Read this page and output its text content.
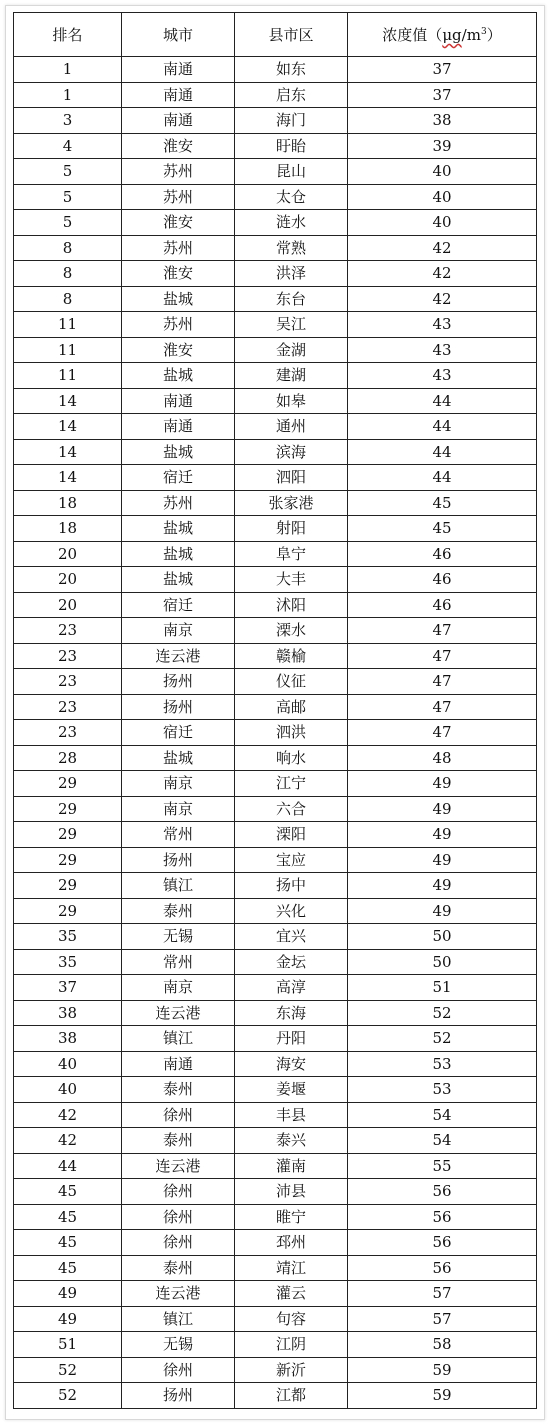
排名	城市	县市区	浓度值$(\mu g/m^3)$
1	南通	如东	37
1	南通	启东	37
3	南通	海门	38
4	淮安	盱眙	39
5	苏州	昆山	40
5	苏州	太仓	40
5	淮安	涟水	40
8	苏州	常熟	42
8	淮安	洪泽	42
8	盐城	东台	42
11	苏州	吴江	43
11	淮安	金湖	43
11	盐城	建湖	43
14	南通	如皋	44
14	南通	通州	44
14	盐城	滨海	44
14	宿迁	泗阳	44
18	苏州	张家港	45
18	盐城	射阳	45
20	盐城	阜宁	46
20	盐城	大丰	46
20	宿迁	沭阳	46
23	南京	溧水	47
23	连云港	赣榆	47
23	扬州	仪征	47
23	扬州	高邮	47
23	宿迁	泗洪	47
28	盐城	响水	48
29	南京	江宁	49
29	南京	六合	49
29	常州	溧阳	49
29	扬州	宝应	49
29	镇江	扬中	49
29	泰州	兴化	49
35	无锡	宜兴	50
35	常州	金坛	50
37	南京	高淳	51
38	连云港	东海	52
38	镇江	丹阳	52
40	南通	海安	53
40	泰州	姜堰	53
42	徐州	丰县	54
42	泰州	泰兴	54
44	连云港	灌南	55
45	徐州	沛县	56
45	徐州	睢宁	56
45	徐州	邳州	56
45	泰州	靖江	56
49	连云港	灌云	57
49	镇江	句容	57
51	无锡	江阴	58
52	徐州	新沂	59
52	扬州	江都	59
